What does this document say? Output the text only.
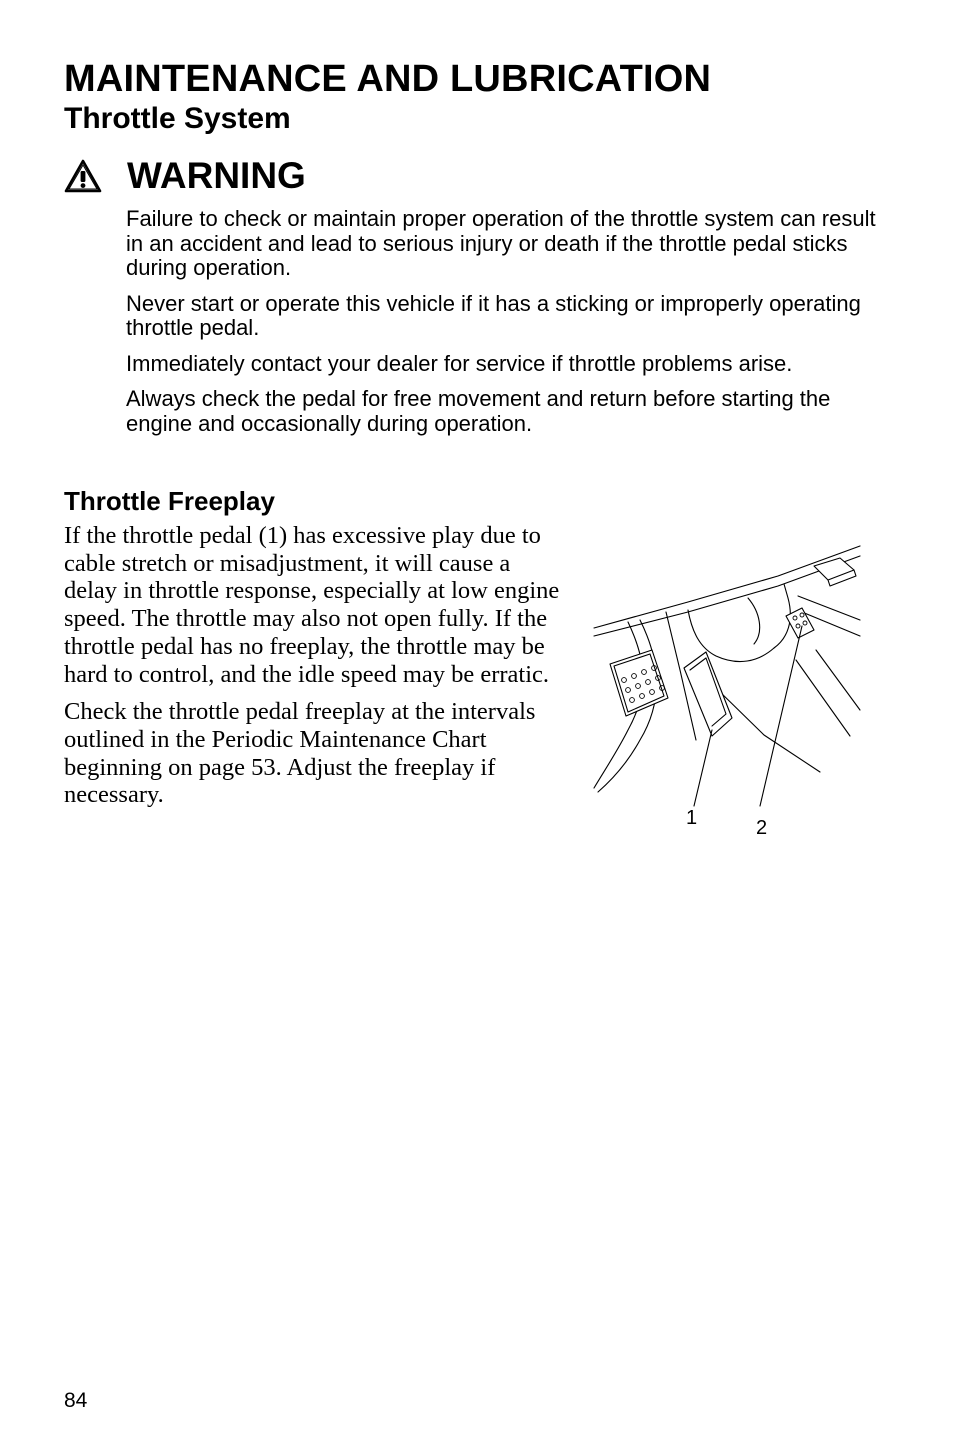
MAINTENANCE AND LUBRICATION
Throttle System
WARNING

Failure to check or maintain proper operation of the throttle system can result in an accident and lead to serious injury or death if the throttle pedal sticks during operation.

Never start or operate this vehicle if it has a sticking or improperly operating throttle pedal.

Immediately contact your dealer for service if throttle problems arise.

Always check the pedal for free movement and return before starting the engine and occasionally during operation.

Throttle Freeplay

If the throttle pedal (1) has excessive play due to cable stretch or misadjustment, it will cause a delay in throttle response, especially at low engine speed. The throttle may also not open fully. If the throttle pedal has no freeplay, the throttle may be hard to control, and the idle speed may be erratic.

Check the throttle pedal freeplay at the intervals outlined in the Periodic Maintenance Chart beginning on page 53. Adjust the freeplay if necessary.

1	2
84
